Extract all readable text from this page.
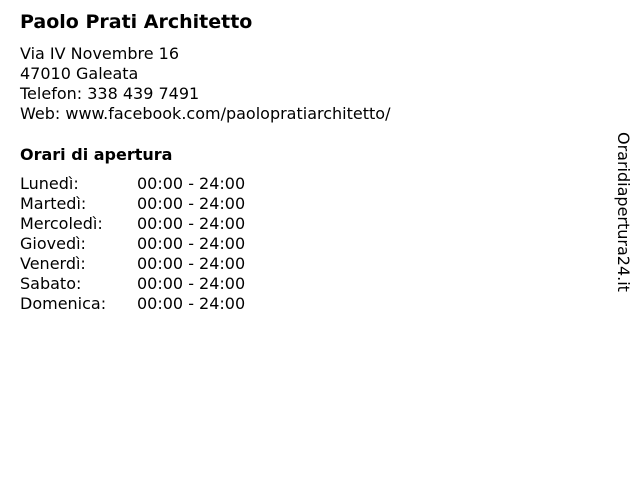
Paolo Prati Architetto
Via IV Novembre 16
47010 Galeata
Telefon: 338 439 7491
Web: www.facebook.com/paolopratiarchitetto/
Orari di apertura
Lunedì:	00:00 - 24:00
Martedì:	00:00 - 24:00
Mercoledì:	00:00 - 24:00
Giovedì:	00:00 - 24:00
Venerdì:	00:00 - 24:00
Sabato:	00:00 - 24:00
Domenica:	00:00 - 24:00
Oraridiapertura24.it
